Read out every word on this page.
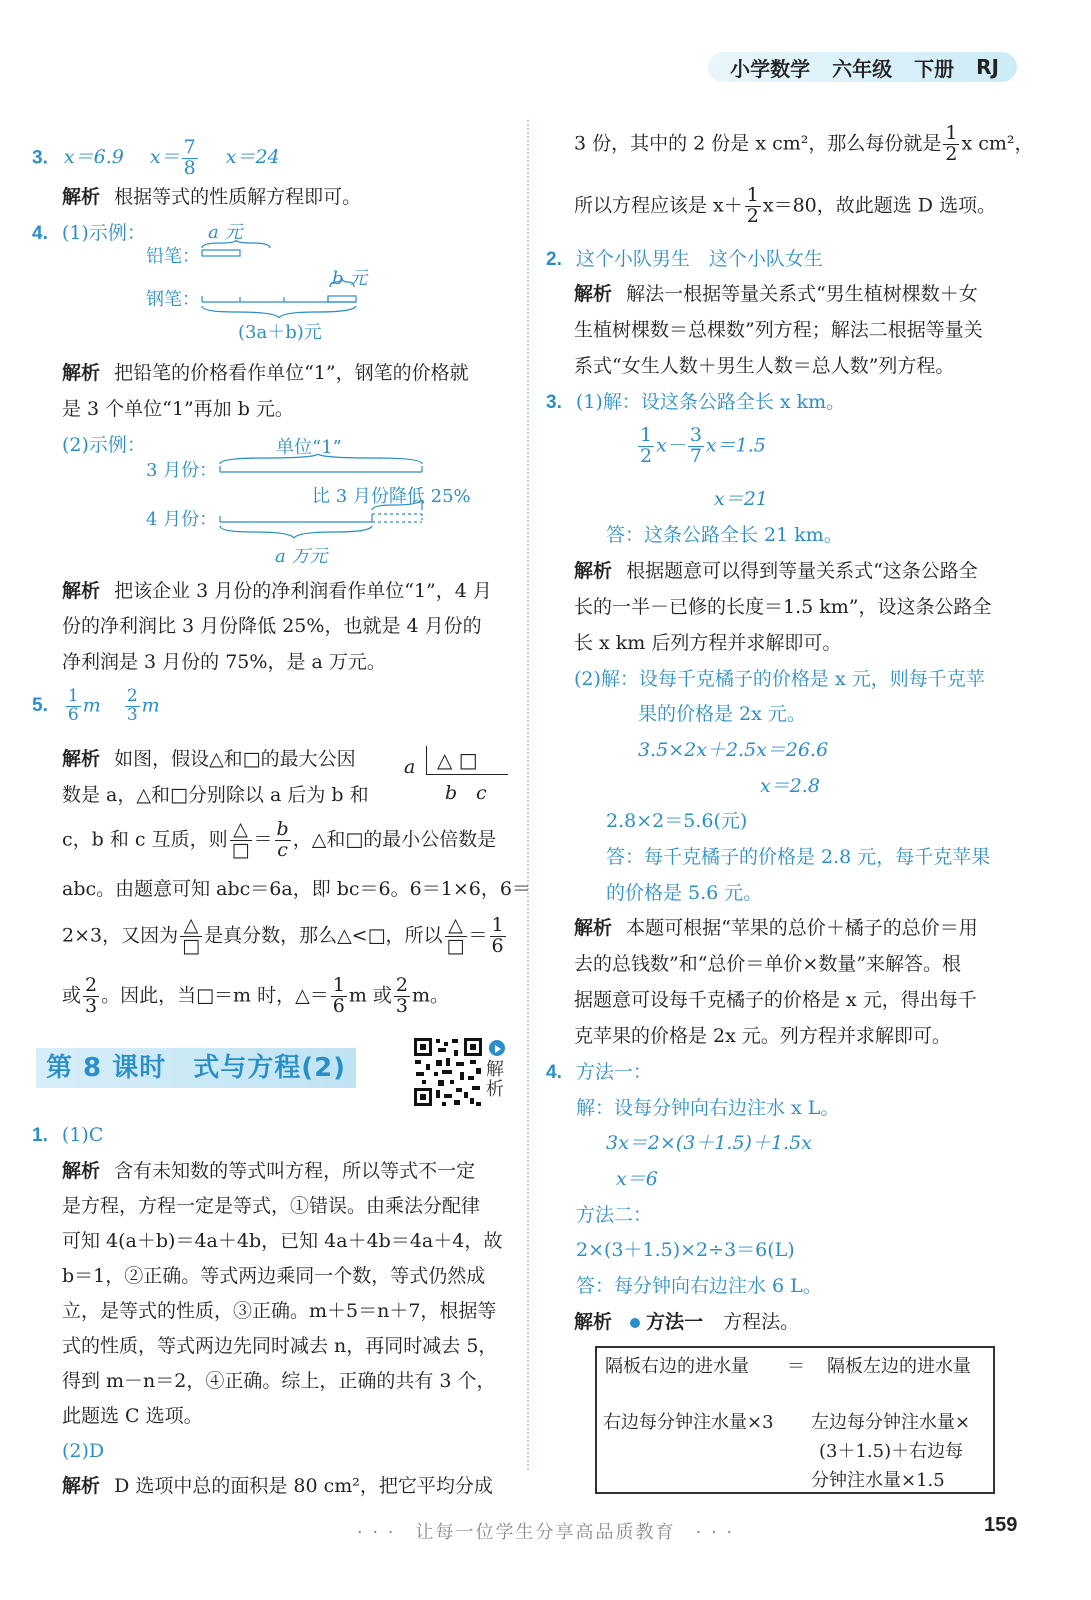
小学数学 六年级 下册 RJ
3. x＝6.9 $x= \frac{7}{8} x=24$
解析 根据等式的性质解方程即可。
4. (1)示例：	a 元
铅笔：
b 元
钢笔：
(3a＋b)元
解析 把铅笔的价格看作单位“1”，钢笔的价格就
是 3 个单位“1”再加 b 元。
(2)示例：	单位“1”
3 月份：
比 3 月份降低 25%
4 月份：
a 万元
解析 把该企业 3 月份的净利润看作单位“1”，4 月
份的净利润比 3 月份降低 25%，也就是 4 月份的
净利润是 3 月份的 75%，是 a 万元。
5. $\frac{1}{6}$ m $\frac{2}{3}$ m
解析 如图，假设△和□的最大公因	a △ □
b c
数是 a，△和□分别除以 a 后为 b 和
c，b 和 c 互质，则 $\frac{\triangle}{□} = \frac{b}{c}$ ，△和□的最小公倍数是
abc。由题意可知 abc＝6a，即 bc＝6。6＝1×6，6＝
2×3，又因为 $\frac{\triangle}{□}$ 是真分数，那么△<□，所以 $\frac{\triangle}{□} = \frac{1}{6}$
或 $\frac{2}{3}$ 。因此，当□＝m 时，△＝ $\frac{1}{6}$ m 或 $\frac{2}{3}$ m。
第 8 课时　式与方程(2)	解析
1. (1)C
解析 含有未知数的等式叫方程，所以等式不一定
是方程，方程一定是等式，①错误。由乘法分配律
可知 4(a＋b)＝4a＋4b，已知 4a＋4b＝4a＋4，故
b＝1，②正确。等式两边乘同一个数，等式仍然成
立，是等式的性质，③正确。m＋5＝n＋7，根据等
式的性质，等式两边先同时减去 n，再同时减去 5，
得到 m－n＝2，④正确。综上，正确的共有 3 个，
此题选 C 选项。
(2)D
解析 D 选项中总的面积是 80 cm²，把它平均分成
3 份，其中的 2 份是 x cm²，那么每份就是 $\frac{1}{2}$ x cm²，
所以方程应该是 $x+ \frac{1}{2} x=80$，故此题选 D 选项。
2. 这个小队男生　这个小队女生
解析 解法一根据等量关系式“男生植树棵数＋女
生植树棵数＝总棵数”列方程；解法二根据等量关
系式“女生人数＋男生人数＝总人数”列方程。
3. (1)解：设这条公路全长 x km。
$\frac{1}{2} x- \frac{3}{7} x=1.5$
x＝21
答：这条公路全长 21 km。
解析 根据题意可以得到等量关系式“这条公路全
长的一半－已修的长度＝1.5 km”，设这条公路全
长 x km 后列方程并求解即可。
(2)解：设每千克橘子的价格是 x 元，则每千克苹
果的价格是 2x 元。
3.5×2x＋2.5x＝26.6
x＝2.8
2.8×2＝5.6(元)
答：每千克橘子的价格是 2.8 元，每千克苹果
的价格是 5.6 元。
解析 本题可根据“苹果的总价＋橘子的总价＝用
去的总钱数”和“总价＝单价×数量”来解答。根
据题意可设每千克橘子的价格是 x 元，得出每千
克苹果的价格是 2x 元。列方程并求解即可。
4. 方法一：
解：设每分钟向右边注水 x L。
3x＝2×(3＋1.5)＋1.5x
x＝6
方法二：
2×(3＋1.5)×2÷3＝6(L)
答：每分钟向右边注水 6 L。
解析 方法一 方程法。
隔板右边的进水量 ＝ 隔板左边的进水量
右边每分钟注水量×3 左边每分钟注水量×
(3＋1.5)＋右边每
分钟注水量×1.5
· · ·　让每一位学生分享高品质教育　· · ·	159
